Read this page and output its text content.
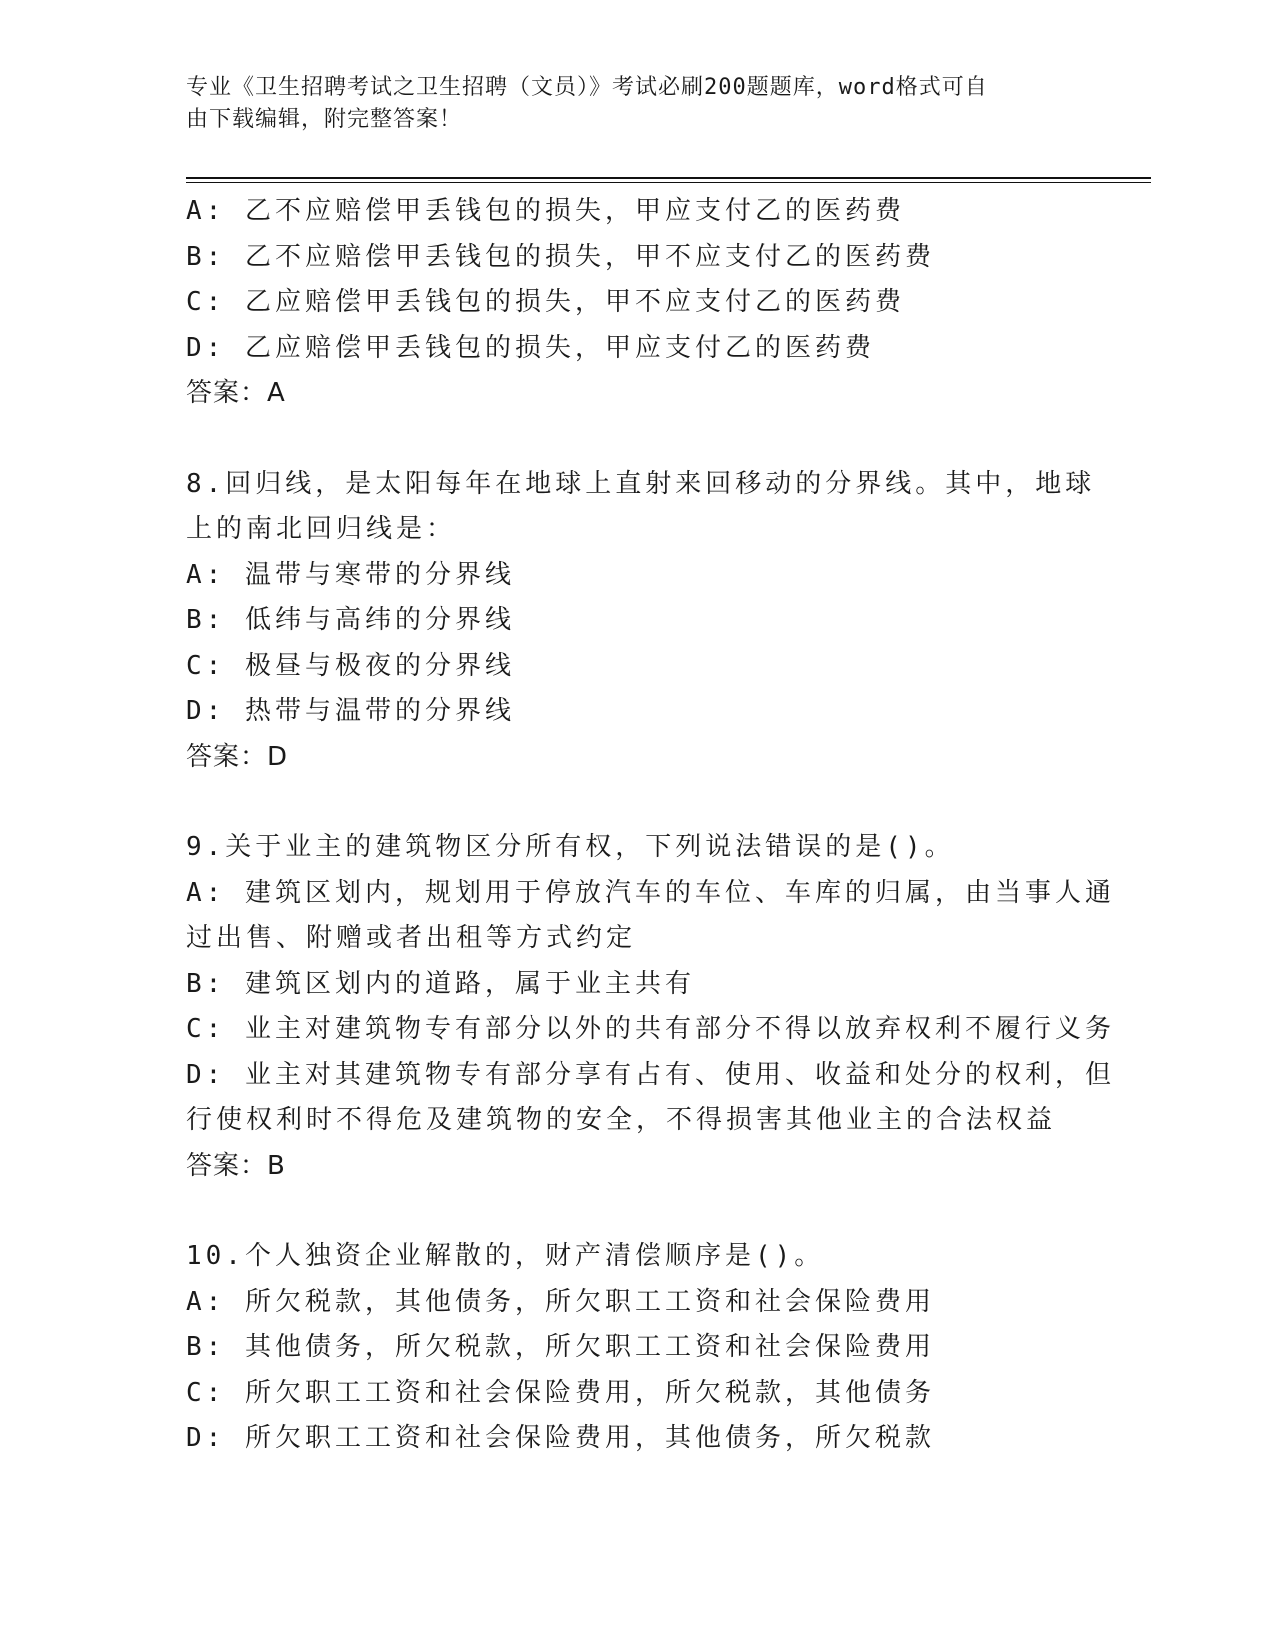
专业《卫生招聘考试之卫生招聘（文员）》考试必刷200题题库，word格式可自
由下载编辑，附完整答案！
A: 乙不应赔偿甲丢钱包的损失，甲应支付乙的医药费
B: 乙不应赔偿甲丢钱包的损失，甲不应支付乙的医药费
C: 乙应赔偿甲丢钱包的损失，甲不应支付乙的医药费
D: 乙应赔偿甲丢钱包的损失，甲应支付乙的医药费
答案：A
8.回归线，是太阳每年在地球上直射来回移动的分界线。其中，地球
上的南北回归线是：
A: 温带与寒带的分界线
B: 低纬与高纬的分界线
C: 极昼与极夜的分界线
D: 热带与温带的分界线
答案：D
9.关于业主的建筑物区分所有权，下列说法错误的是()。
A: 建筑区划内，规划用于停放汽车的车位、车库的归属，由当事人通
过出售、附赠或者出租等方式约定
B: 建筑区划内的道路，属于业主共有
C: 业主对建筑物专有部分以外的共有部分不得以放弃权利不履行义务
D: 业主对其建筑物专有部分享有占有、使用、收益和处分的权利，但
行使权利时不得危及建筑物的安全，不得损害其他业主的合法权益
答案：B
10.个人独资企业解散的，财产清偿顺序是()。
A: 所欠税款，其他债务，所欠职工工资和社会保险费用
B: 其他债务，所欠税款，所欠职工工资和社会保险费用
C: 所欠职工工资和社会保险费用，所欠税款，其他债务
D: 所欠职工工资和社会保险费用，其他债务，所欠税款
